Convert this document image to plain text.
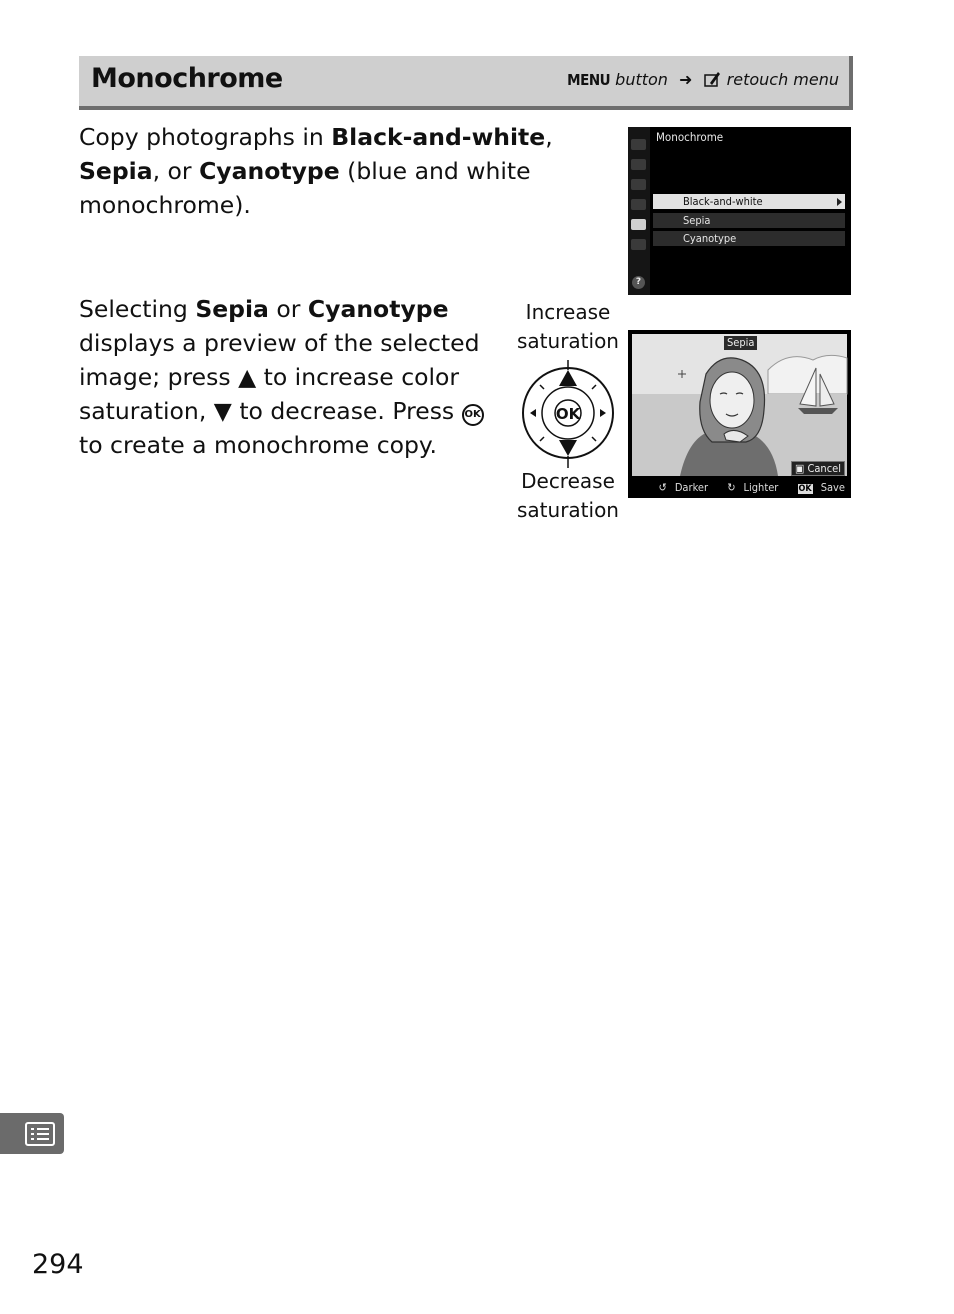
Monochrome	MENU button ➜ retouch menu
Copy photographs in Black-and-white, Sepia, or Cyanotype (blue and white monochrome).
?
Monochrome
Black-and-white
Sepia
Cyanotype
Selecting Sepia or Cyanotype displays a preview of the selected image; press ▲ to increase color saturation, ▼ to decrease. Press OK to create a monochrome copy.
Increase saturation
OK
Decrease saturation
Sepia
▣ Cancel
↺ Darker ↻ Lighter OK Save
294
